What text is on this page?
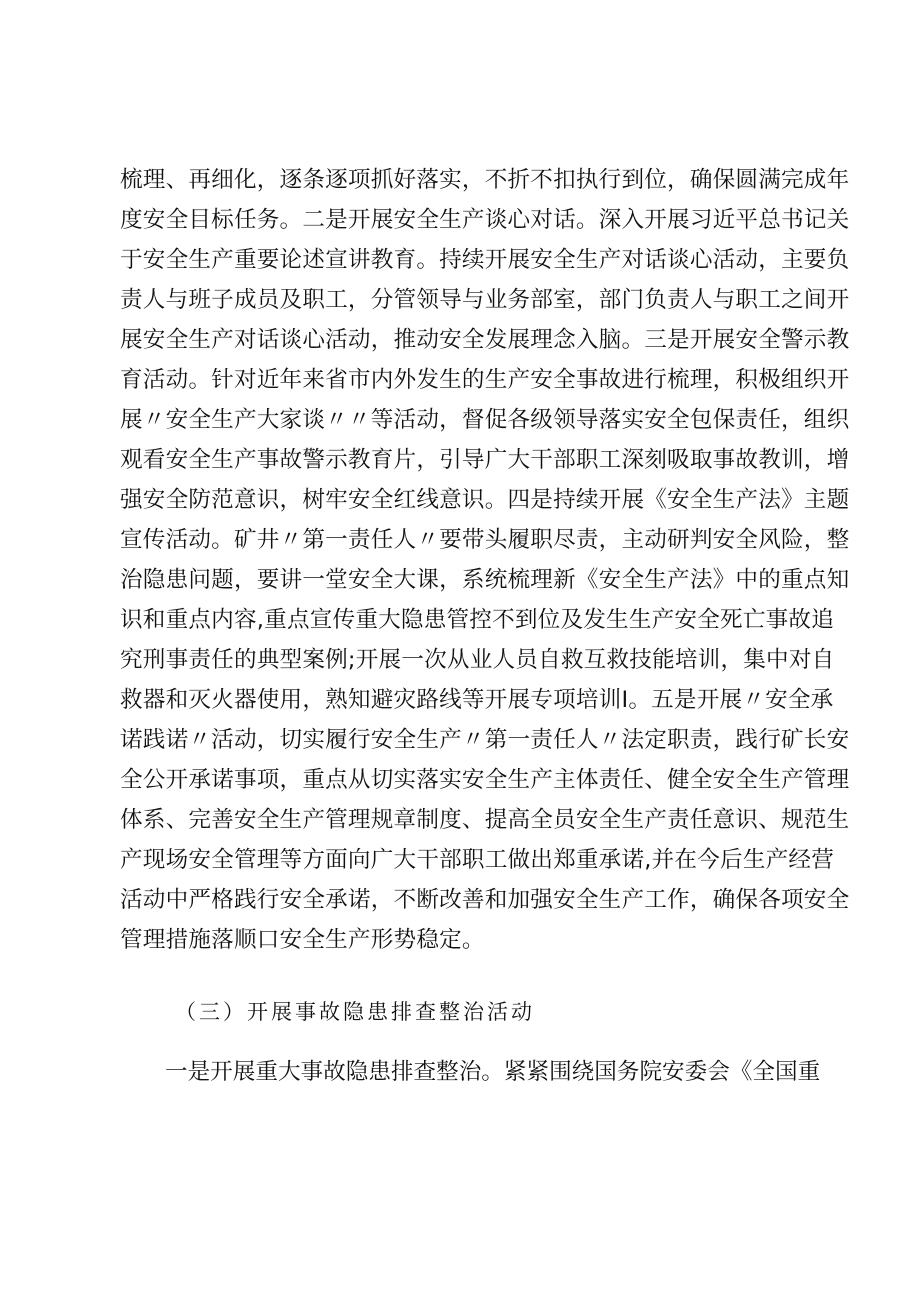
梳理、再细化，逐条逐项抓好落实，不折不扣执行到位，确保圆满完成年
度安全目标任务。二是开展安全生产谈心对话。深入开展习近平总书记关
于安全生产重要论述宣讲教育。持续开展安全生产对话谈心活动，主要负
责人与班子成员及职工，分管领导与业务部室，部门负责人与职工之间开
展安全生产对话谈心活动，推动安全发展理念入脑。三是开展安全警示教
育活动。针对近年来省市内外发生的生产安全事故进行梳理，积极组织开
展〃安全生产大家谈〃〃等活动，督促各级领导落实安全包保责任，组织
观看安全生产事故警示教育片，引导广大干部职工深刻吸取事故教训，增
强安全防范意识，树牢安全红线意识。四是持续开展《安全生产法》主题
宣传活动。矿井〃第一责任人〃要带头履职尽责，主动研判安全风险，整
治隐患问题，要讲一堂安全大课，系统梳理新《安全生产法》中的重点知
识和重点内容,重点宣传重大隐患管控不到位及发生生产安全死亡事故追
究刑事责任的典型案例;开展一次从业人员自救互救技能培训，集中对自
救器和灭火器使用，熟知避灾路线等开展专项培训I。五是开展〃安全承
诺践诺〃活动，切实履行安全生产〃第一责任人〃法定职责，践行矿长安
全公开承诺事项，重点从切实落实安全生产主体责任、健全安全生产管理
体系、完善安全生产管理规章制度、提高全员安全生产责任意识、规范生
产现场安全管理等方面向广大干部职工做出郑重承诺,并在今后生产经营
活动中严格践行安全承诺，不断改善和加强安全生产工作，确保各项安全
管理措施落顺口安全生产形势稳定。
（三）开展事故隐患排查整治活动
一是开展重大事故隐患排查整治。紧紧围绕国务院安委会《全国重
